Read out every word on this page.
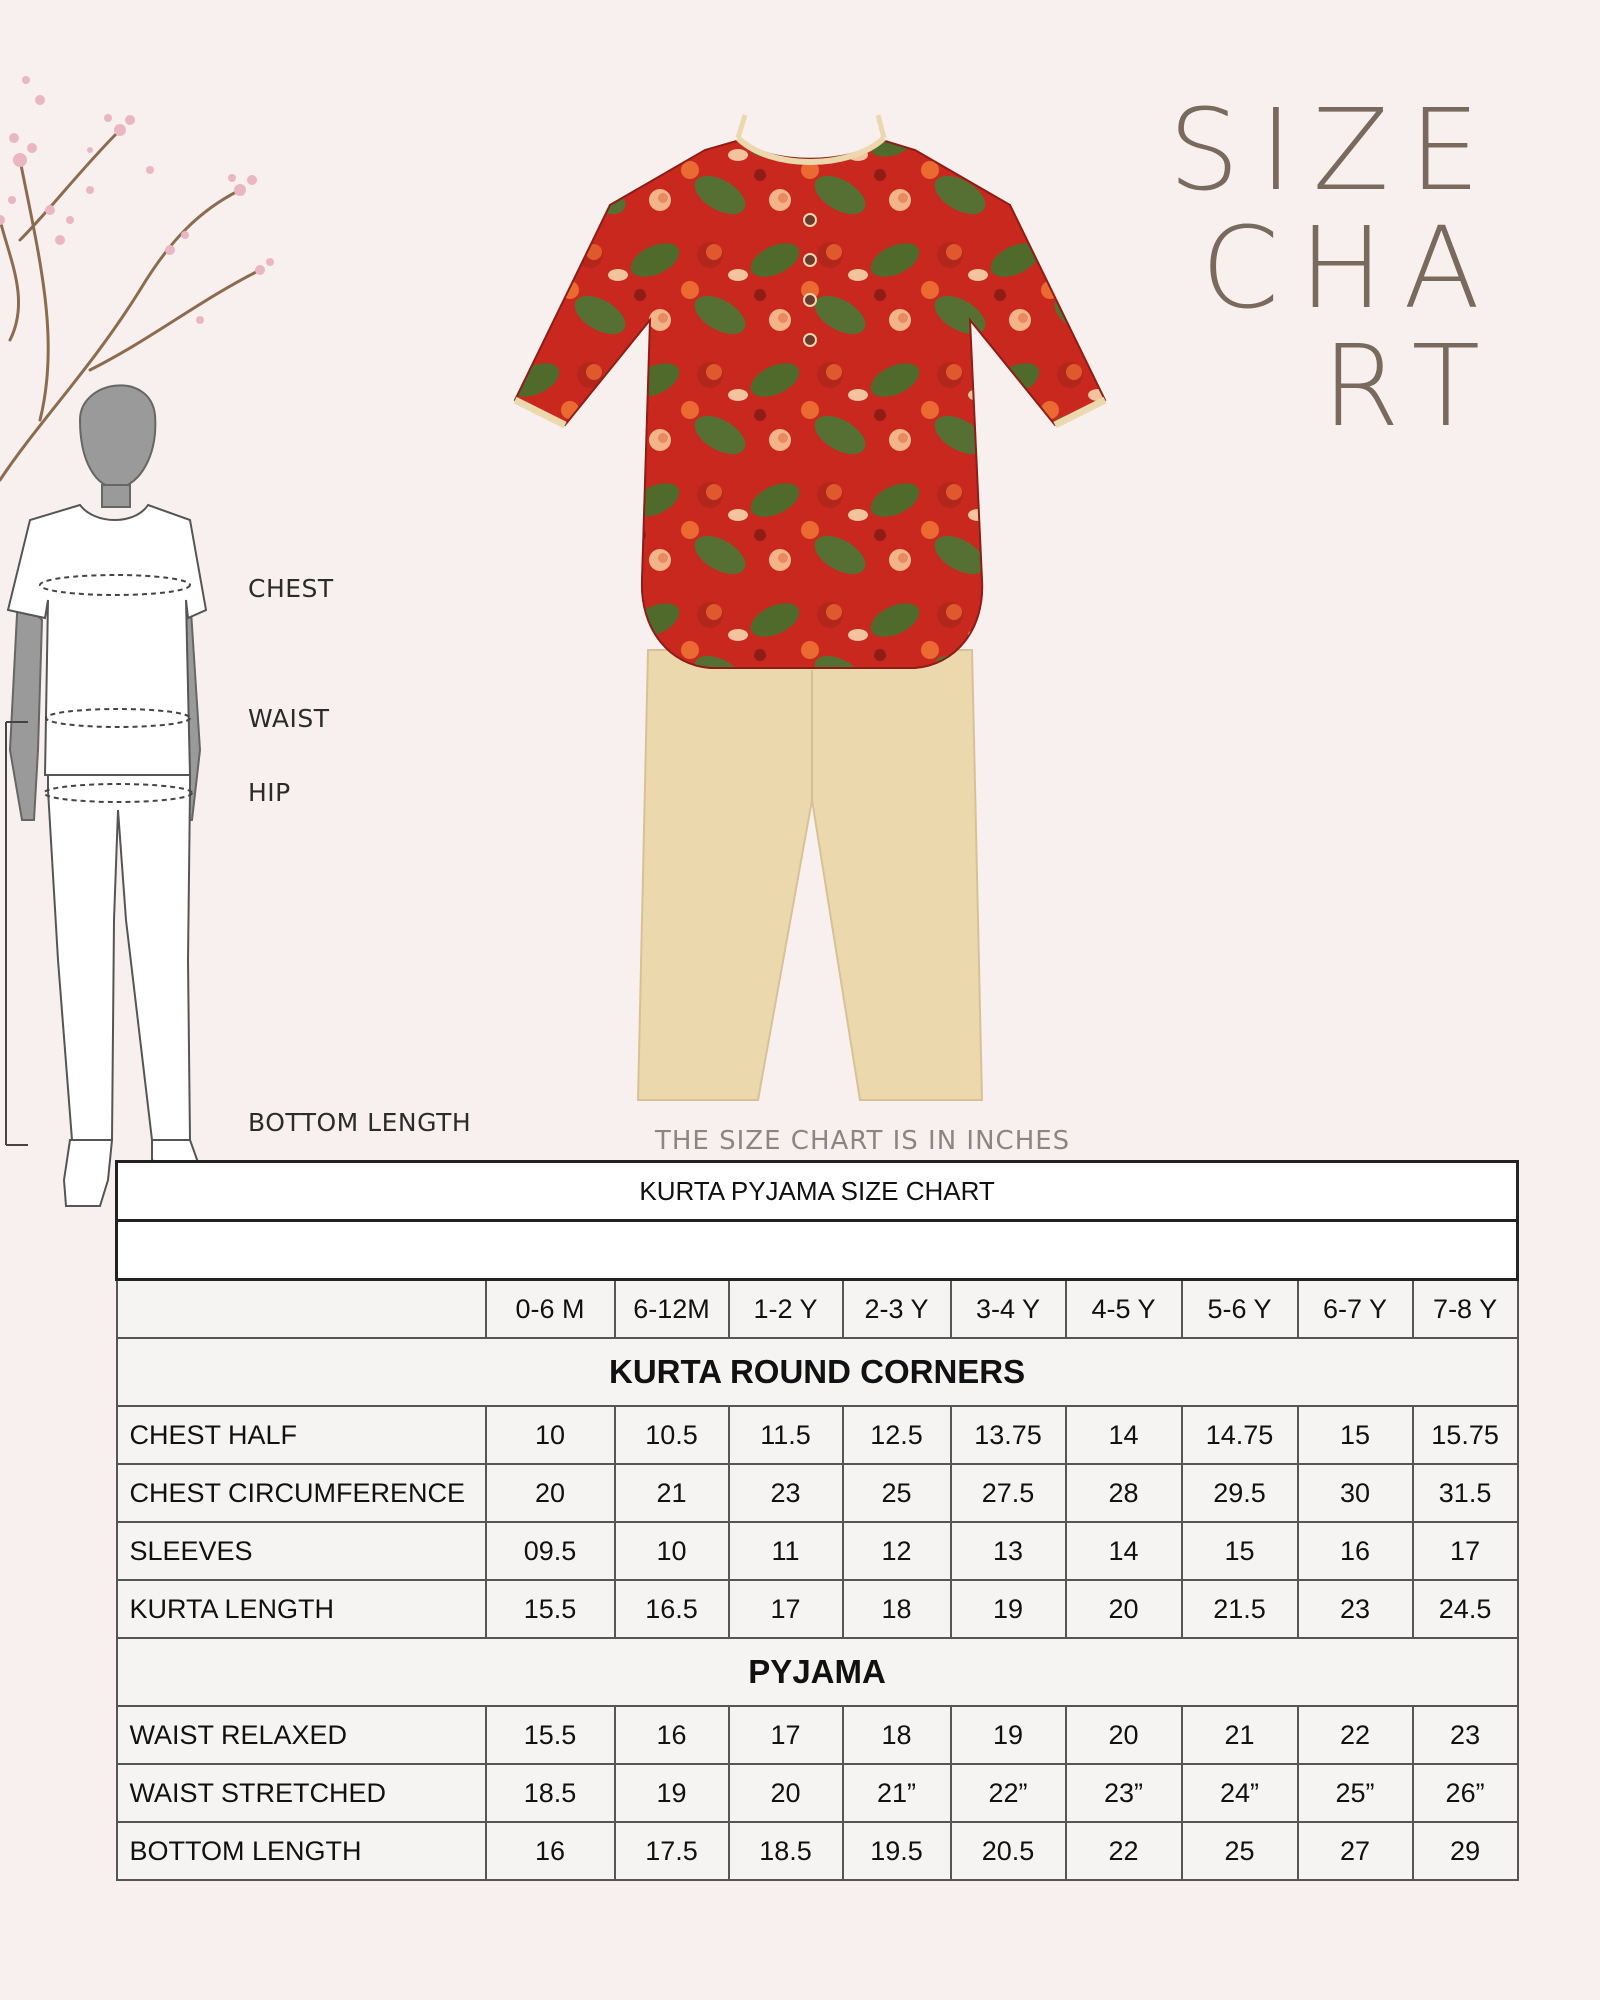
SIZE
CHA
RT
CHEST
WAIST
HIP
BOTTOM LENGTH
THE SIZE CHART IS IN INCHES
KURTA PYJAMA SIZE CHART									

	0-6 M	6-12M	1-2 Y	2-3 Y	3-4 Y	4-5 Y	5-6 Y	6-7 Y	7-8 Y
KURTA ROUND CORNERS									
CHEST HALF	10	10.5	11.5	12.5	13.75	14	14.75	15	15.75
CHEST CIRCUMFERENCE	20	21	23	25	27.5	28	29.5	30	31.5
SLEEVES	09.5	10	11	12	13	14	15	16	17
KURTA LENGTH	15.5	16.5	17	18	19	20	21.5	23	24.5
PYJAMA									
WAIST RELAXED	15.5	16	17	18	19	20	21	22	23
WAIST STRETCHED	18.5	19	20	21”	22”	23”	24”	25”	26”
BOTTOM LENGTH	16	17.5	18.5	19.5	20.5	22	25	27	29
